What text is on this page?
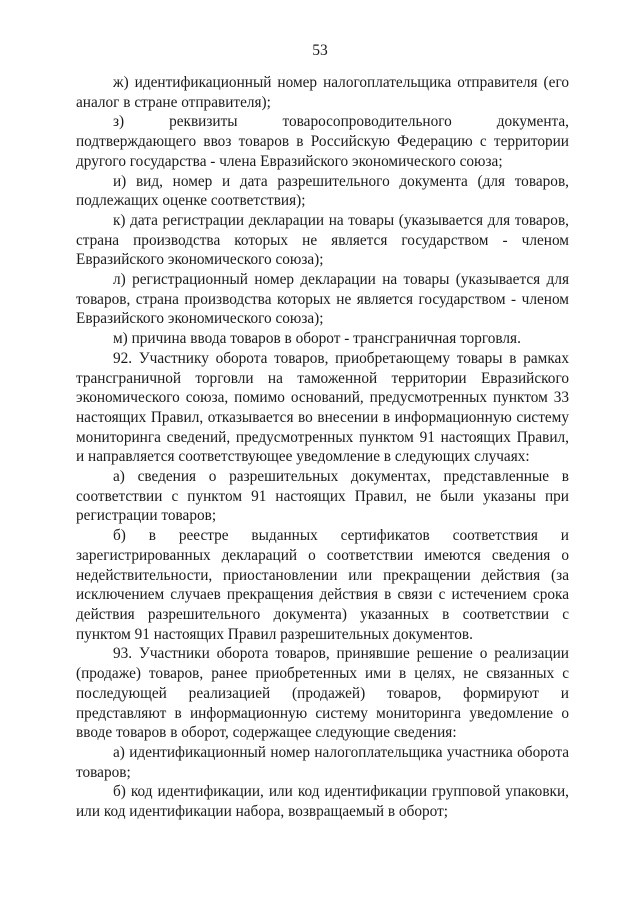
53

ж) идентификационный номер налогоплательщика отправителя (его аналог в стране отправителя);

з) реквизиты товаросопроводительного документа, подтверждающего ввоз товаров в Российскую Федерацию с территории другого государства - члена Евразийского экономического союза;

и) вид, номер и дата разрешительного документа (для товаров, подлежащих оценке соответствия);

к) дата регистрации декларации на товары (указывается для товаров, страна производства которых не является государством - членом Евразийского экономического союза);

л) регистрационный номер декларации на товары (указывается для товаров, страна производства которых не является государством - членом Евразийского экономического союза);

м) причина ввода товаров в оборот - трансграничная торговля.

92. Участнику оборота товаров, приобретающему товары в рамках трансграничной торговли на таможенной территории Евразийского экономического союза, помимо оснований, предусмотренных пунктом 33 настоящих Правил, отказывается во внесении в информационную систему мониторинга сведений, предусмотренных пунктом 91 настоящих Правил, и направляется соответствующее уведомление в следующих случаях:

а) сведения о разрешительных документах, представленные в соответствии с пунктом 91 настоящих Правил, не были указаны при регистрации товаров;

б) в реестре выданных сертификатов соответствия и зарегистрированных деклараций о соответствии имеются сведения о недействительности, приостановлении или прекращении действия (за исключением случаев прекращения действия в связи с истечением срока действия разрешительного документа) указанных в соответствии с пунктом 91 настоящих Правил разрешительных документов.

93. Участники оборота товаров, принявшие решение о реализации (продаже) товаров, ранее приобретенных ими в целях, не связанных с последующей реализацией (продажей) товаров, формируют и представляют в информационную систему мониторинга уведомление о вводе товаров в оборот, содержащее следующие сведения:

а) идентификационный номер налогоплательщика участника оборота товаров;

б) код идентификации, или код идентификации групповой упаковки, или код идентификации набора, возвращаемый в оборот;
